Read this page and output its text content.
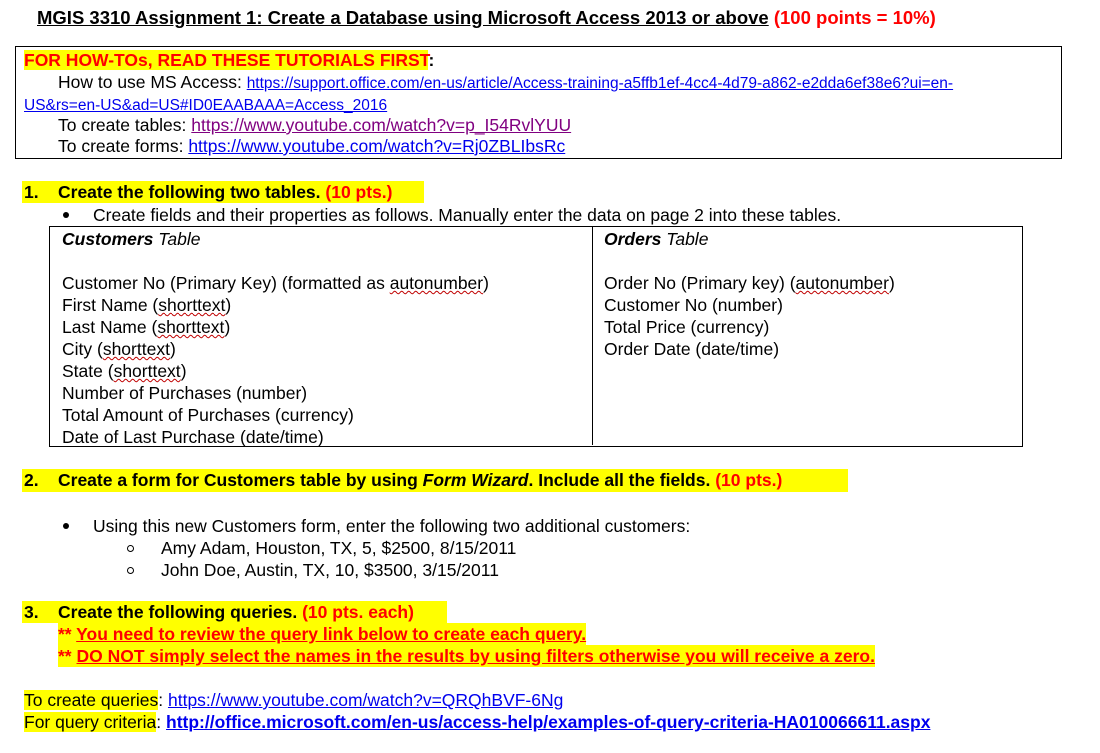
MGIS 3310 Assignment 1: Create a Database using Microsoft Access 2013 or above (100 points = 10%)
FOR HOW-TOs, READ THESE TUTORIALS FIRST:
How to use MS Access: https://support.office.com/en-us/article/Access-training-a5ffb1ef-4cc4-4d79-a862-e2dda6ef38e6?ui=en-
US&rs=en-US&ad=US#ID0EAABAAA=Access_2016
To create tables: https://www.youtube.com/watch?v=p_I54RvlYUU
To create forms: https://www.youtube.com/watch?v=Rj0ZBLIbsRc
1. Create the following two tables. (10 pts.)
Create fields and their properties as follows. Manually enter the data on page 2 into these tables.
Customers Table
Customer No (Primary Key) (formatted as autonumber)
First Name (shorttext)
Last Name (shorttext)
City (shorttext)
State (shorttext)
Number of Purchases (number)
Total Amount of Purchases (currency)
Date of Last Purchase (date/time)
Orders Table
Order No (Primary key) (autonumber)
Customer No (number)
Total Price (currency)
Order Date (date/time)
2. Create a form for Customers table by using Form Wizard. Include all the fields. (10 pts.)
Using this new Customers form, enter the following two additional customers:
Amy Adam, Houston, TX, 5, $2500, 8/15/2011
John Doe, Austin, TX, 10, $3500, 3/15/2011
3. Create the following queries. (10 pts. each)
** You need to review the query link below to create each query.
** DO NOT simply select the names in the results by using filters otherwise you will receive a zero.
To create queries: https://www.youtube.com/watch?v=QRQhBVF-6Ng
For query criteria: http://office.microsoft.com/en-us/access-help/examples-of-query-criteria-HA010066611.aspx
